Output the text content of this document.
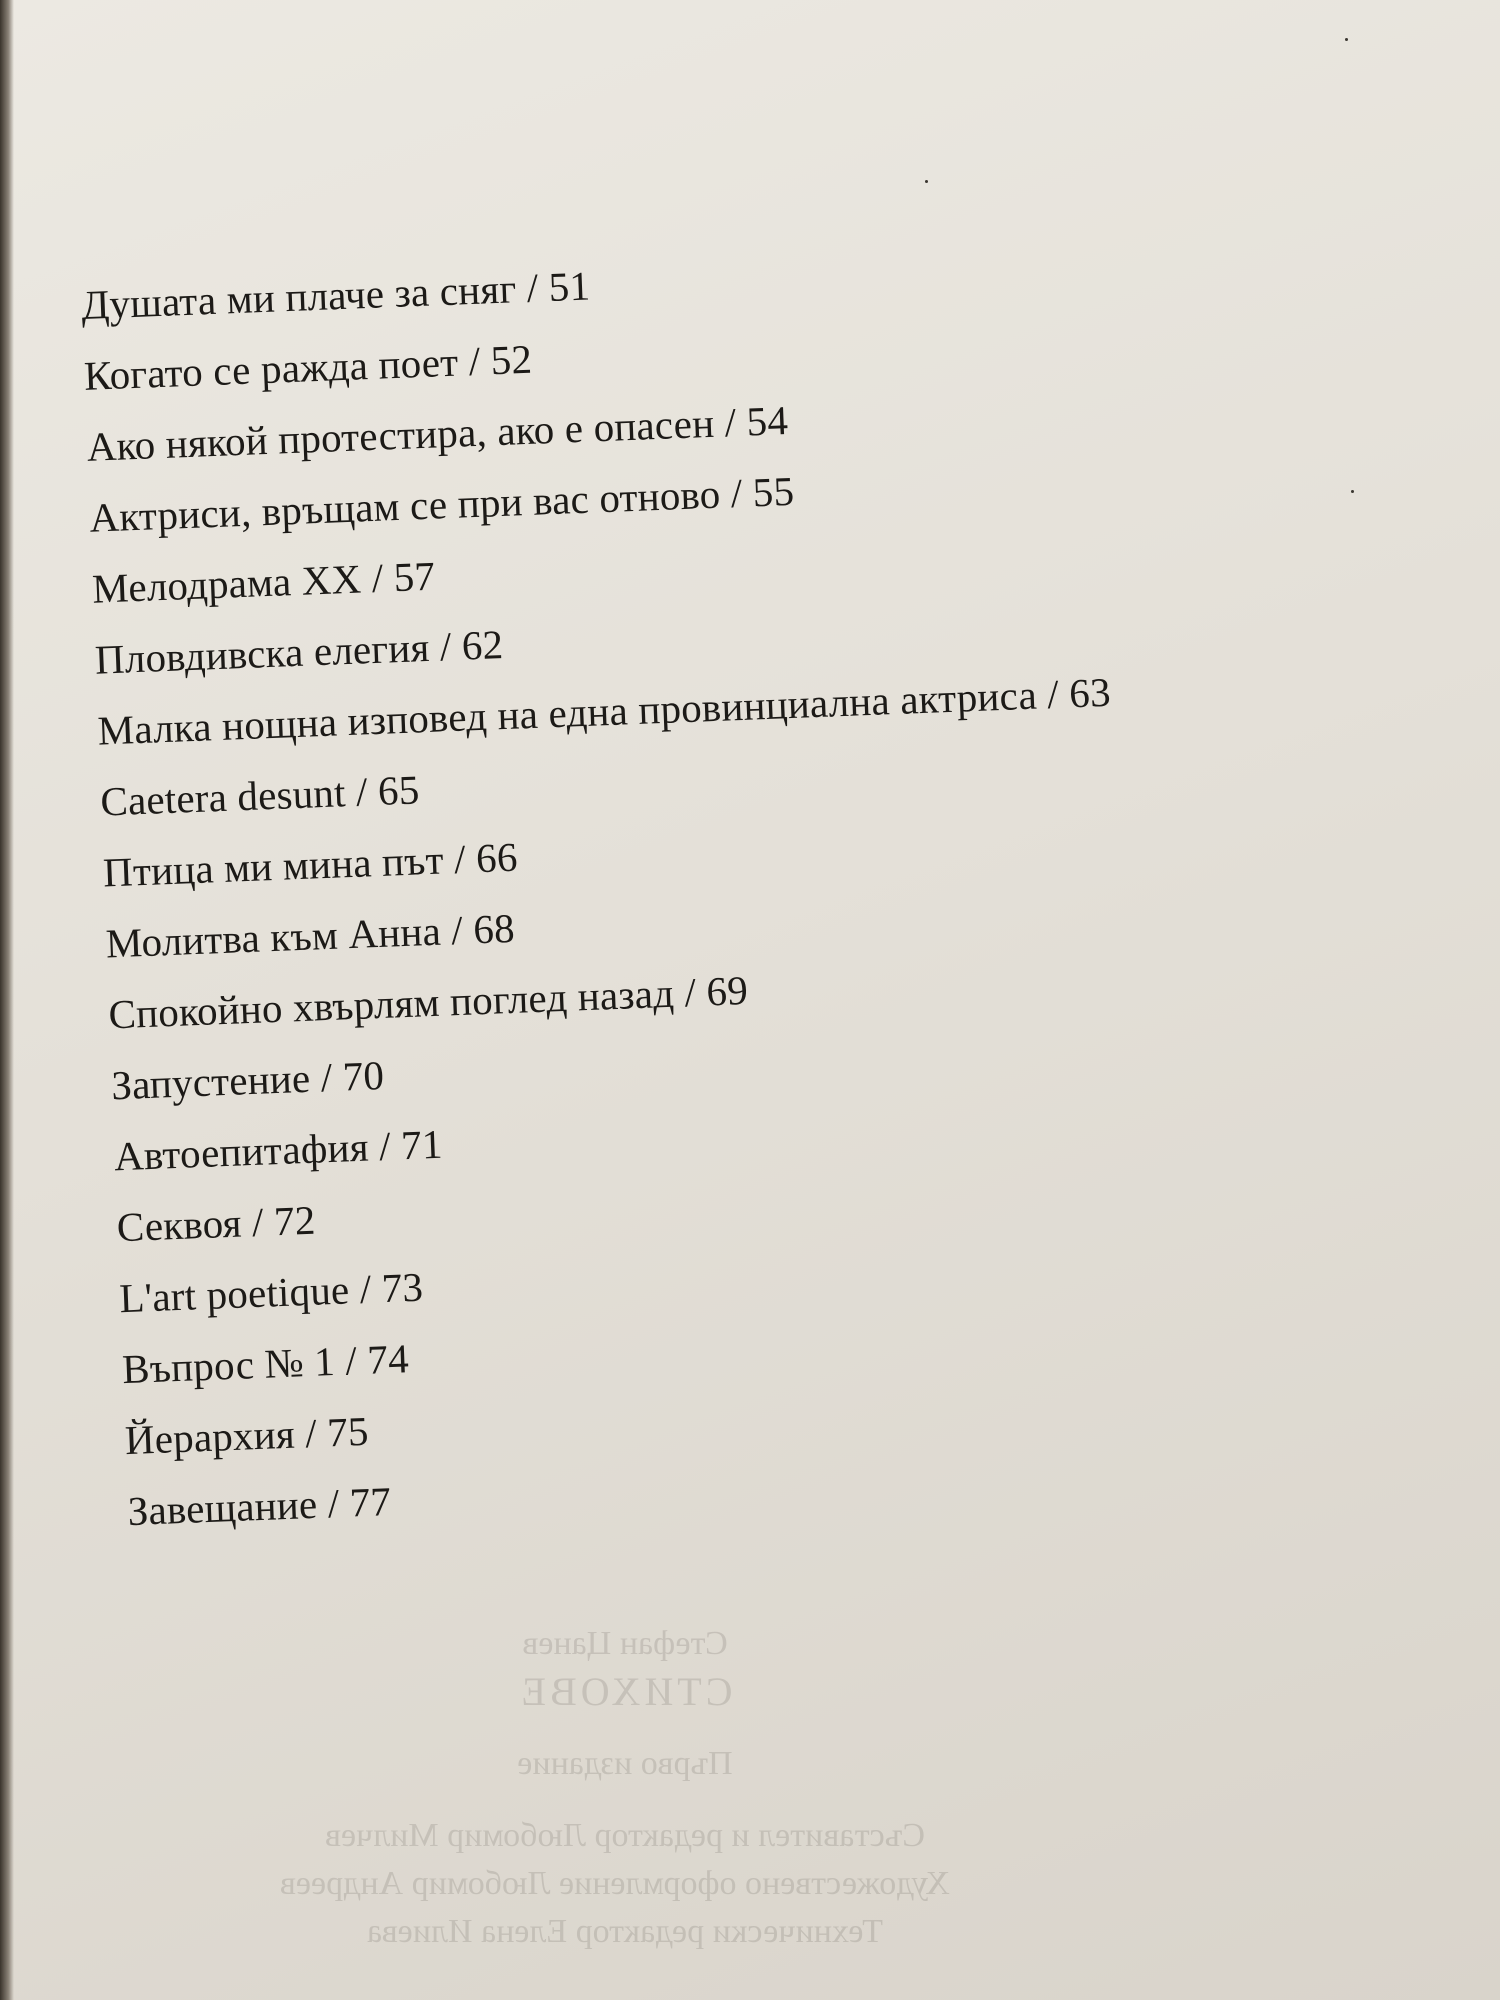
Душата ми плаче за сняг / 51
Когато се ражда поет / 52
Ако някой протестира, ако е опасен / 54
Актриси, връщам се при вас отново / 55
Мелодрама XX / 57
Пловдивска елегия / 62
Малка нощна изповед на една провинциална актриса / 63
Caetera desunt / 65
Птица ми мина път / 66
Молитва към Анна / 68
Спокойно хвърлям поглед назад / 69
Запустение / 70
Автоепитафия / 71
Секвоя / 72
L'art poetique / 73
Въпрос № 1 / 74
Йерархия / 75
Завещание / 77
Стефан Цанев
СТИХОВЕ
Първо издание
Съставител и редактор Любомир Милчев
Художествено оформление Любомир Андреев
Технически редактор Елена Илиева
